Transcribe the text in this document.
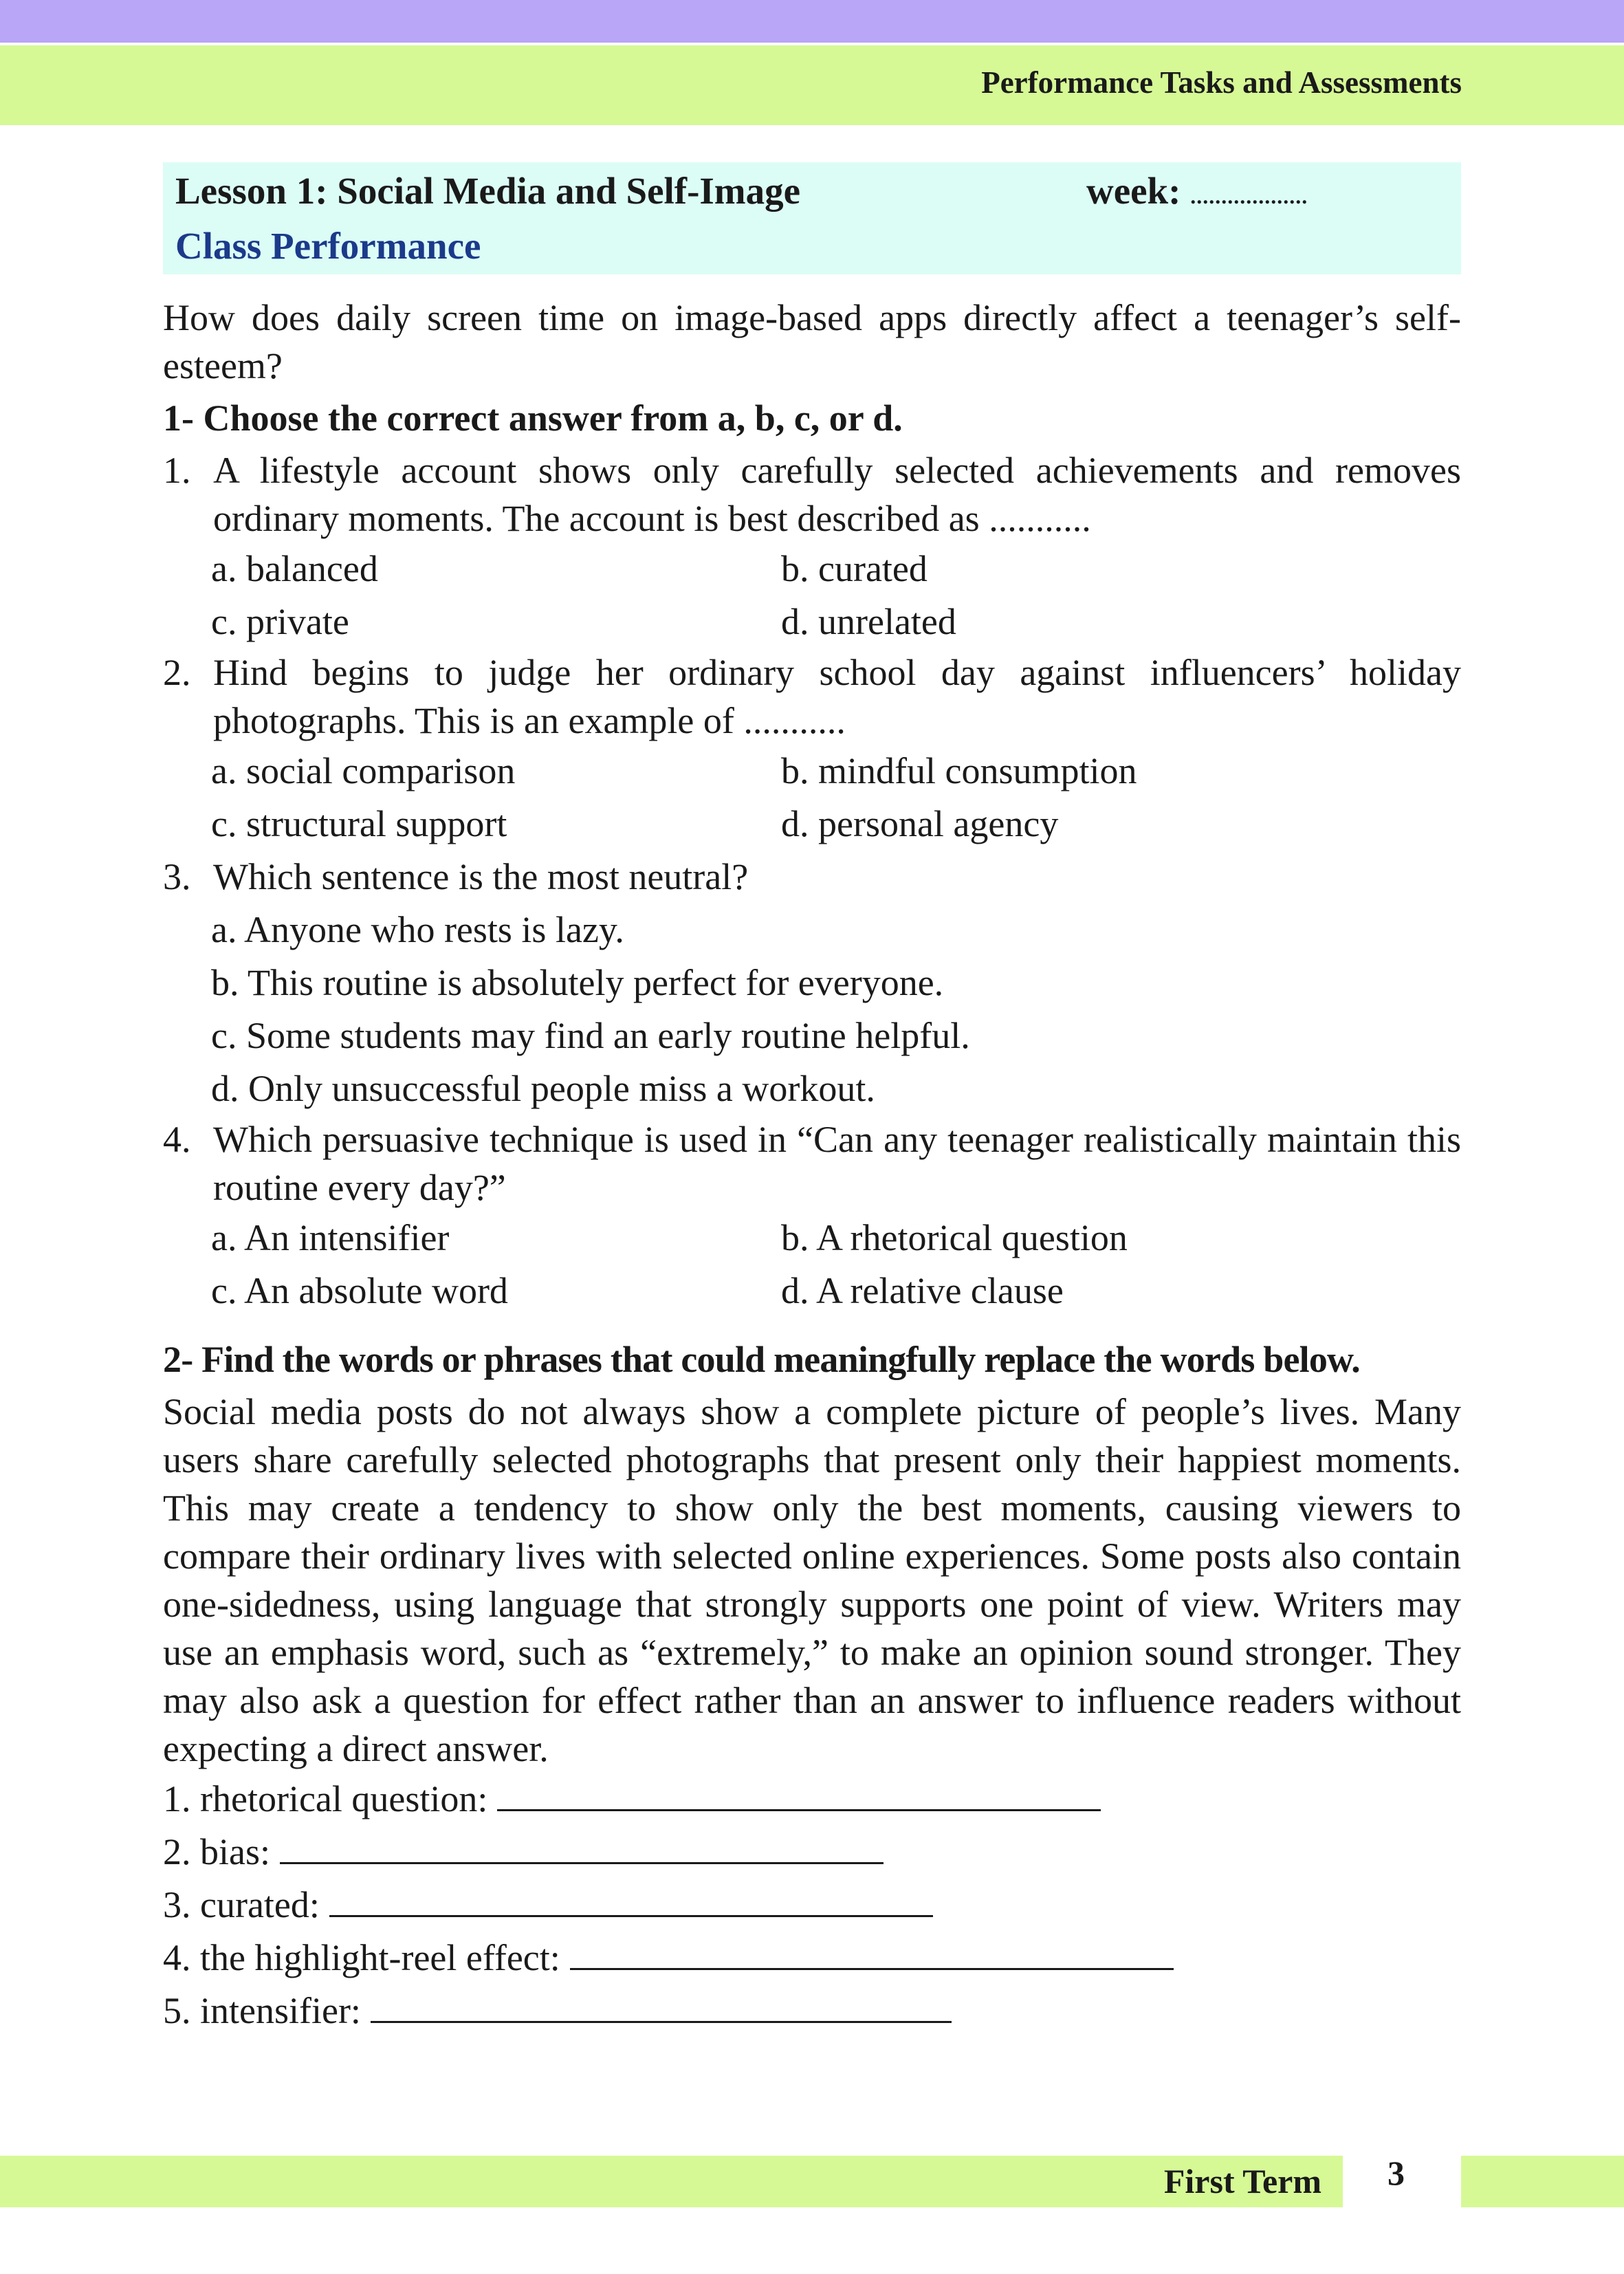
Performance Tasks and Assessments
Lesson 1: Social Media and Self-Image	week: ...................
Class Performance
How does daily screen time on image-based apps directly affect a teenager’s self-esteem?
1- Choose the correct answer from a, b, c, or d.
1. A lifestyle account shows only carefully selected achievements and removes ordinary moments. The account is best described as ...........
a. balanced	b. curated
c. private	d. unrelated
2. Hind begins to judge her ordinary school day against influencers’ holiday photographs. This is an example of ...........
a. social comparison	b. mindful consumption
c. structural support	d. personal agency
3. Which sentence is the most neutral?
a. Anyone who rests is lazy.
b. This routine is absolutely perfect for everyone.
c. Some students may find an early routine helpful.
d. Only unsuccessful people miss a workout.
4. Which persuasive technique is used in “Can any teenager realistically maintain this routine every day?”
a. An intensifier	b. A rhetorical question
c. An absolute word	d. A relative clause
2- Find the words or phrases that could meaningfully replace the words below.
Social media posts do not always show a complete picture of people’s lives. Many users share carefully selected photographs that present only their happiest moments. This may create a tendency to show only the best moments, causing viewers to compare their ordinary lives with selected online experiences. Some posts also contain one-sidedness, using language that strongly supports one point of view. Writers may use an emphasis word, such as “extremely,” to make an opinion sound stronger. They may also ask a question for effect rather than an answer to influence readers without expecting a direct answer.
1. rhetorical question:
2. bias:
3. curated:
4. the highlight-reel effect:
5. intensifier:
First Term 3
